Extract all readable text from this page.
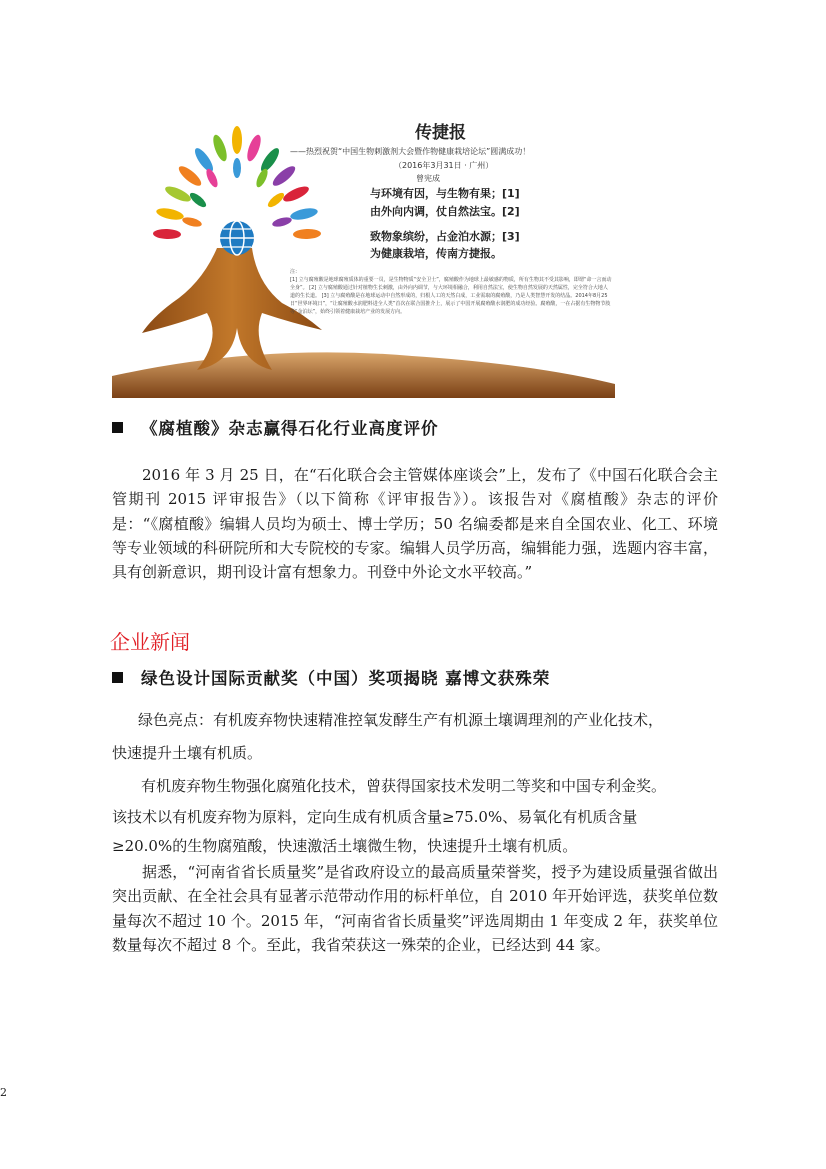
传捷报
——热烈祝贺“中国生物刺激剂大会暨作物健康栽培论坛”圆满成功！
（2016年3月31日 · 广州）
曾宪成
与环境有因，与生物有果；[1]
由外向内调，仗自然法宝。[2]
致物象缤纷，占金泊水源；[3]
为健康栽培，传南方捷报。
注：
[1] 立与腐殖酸是地球腐殖质体的重要一员，是生物物质“安全卫士”，腐殖酸作为地球上最敏感的物质，所有生物其不受其影响，即谓“命一言而动全身”。 [2] 立与腐殖酸通过针对植物生长刺激，由外向内调节，与大环境相融合，利用自然法宝，使生物自然发展的天然属性，完全符合大地人道的生长道。 [3] 立与腐殖酸是在地球运动中自然形成的，归根人工的天然白成，工业需取的腐殖酸，乃是人类智慧开发的结晶。2014年8月25日“世界环境日”，“让腐殖酸水润肥料进全人类”首次在联合国推介上，展示了中国开展腐殖酸水润肥的成功经验。腐殖酸，一在占据有生物物节肢等“金泊坛”，始终引领着健康栽培产业的发展方向。
《腐植酸》杂志赢得石化行业高度评价

2016 年 3 月 25 日，在“石化联合会主管媒体座谈会”上，发布了《中国石化联合会主管期刊 2015 评审报告》（以下简称《评审报告》）。该报告对《腐植酸》杂志的评价是：“《腐植酸》编辑人员均为硕士、博士学历；50 名编委都是来自全国农业、化工、环境等专业领域的科研院所和大专院校的专家。编辑人员学历高，编辑能力强，选题内容丰富，具有创新意识，期刊设计富有想象力。刊登中外论文水平较高。”

企业新闻
绿色设计国际贡献奖（中国）奖项揭晓 嘉博文获殊荣

绿色亮点：有机废弃物快速精准控氧发酵生产有机源土壤调理剂的产业化技术，

快速提升土壤有机质。

有机废弃物生物强化腐殖化技术，曾获得国家技术发明二等奖和中国专利金奖。

该技术以有机废弃物为原料，定向生成有机质含量≥75.0%、易氧化有机质含量

≥20.0%的生物腐殖酸，快速激活土壤微生物，快速提升土壤有机质。

据悉，“河南省省长质量奖”是省政府设立的最高质量荣誉奖，授予为建设质量强省做出突出贡献、在全社会具有显著示范带动作用的标杆单位，自 2010 年开始评选，获奖单位数量每次不超过 10 个。2015 年，“河南省省长质量奖”评选周期由 1 年变成 2 年，获奖单位数量每次不超过 8 个。至此，我省荣获这一殊荣的企业，已经达到 44 家。

2
